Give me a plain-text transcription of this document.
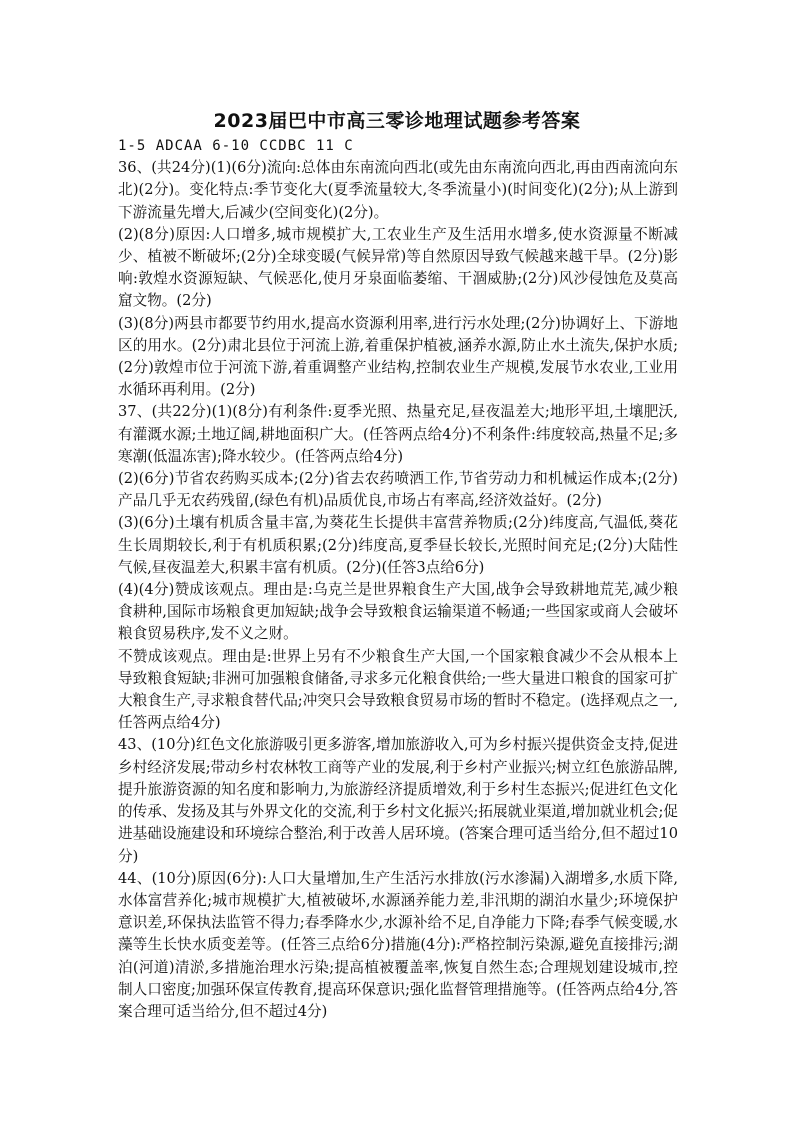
2023届巴中市高三零诊地理试题参考答案

1-5 ADCAA 6-10 CCDBC 11 C

36、(共24分)(1)(6分)流向:总体由东南流向西北(或先由东南流向西北,再由西南流向东北)(2分)。变化特点:季节变化大(夏季流量较大,冬季流量小)(时间变化)(2分);从上游到下游流量先增大,后减少(空间变化)(2分)。

(2)(8分)原因:人口增多,城市规模扩大,工农业生产及生活用水增多,使水资源量不断减少、植被不断破坏;(2分)全球变暖(气候异常)等自然原因导致气候越来越干旱。(2分)影响:敦煌水资源短缺、气候恶化,使月牙泉面临萎缩、干涸威胁;(2分)风沙侵蚀危及莫高窟文物。(2分)

(3)(8分)两县市都要节约用水,提高水资源利用率,进行污水处理;(2分)协调好上、下游地区的用水。(2分)肃北县位于河流上游,着重保护植被,涵养水源,防止水土流失,保护水质;(2分)敦煌市位于河流下游,着重调整产业结构,控制农业生产规模,发展节水农业,工业用水循环再利用。(2分)

37、(共22分)(1)(8分)有利条件:夏季光照、热量充足,昼夜温差大;地形平坦,土壤肥沃,有灌溉水源;土地辽阔,耕地面积广大。(任答两点给4分)不利条件:纬度较高,热量不足;多寒潮(低温冻害);降水较少。(任答两点给4分)

(2)(6分)节省农药购买成本;(2分)省去农药喷洒工作,节省劳动力和机械运作成本;(2分)产品几乎无农药残留,(绿色有机)品质优良,市场占有率高,经济效益好。(2分)

(3)(6分)土壤有机质含量丰富,为葵花生长提供丰富营养物质;(2分)纬度高,气温低,葵花生长周期较长,利于有机质积累;(2分)纬度高,夏季昼长较长,光照时间充足;(2分)大陆性气候,昼夜温差大,积累丰富有机质。(2分)(任答3点给6分)

(4)(4分)赞成该观点。理由是:乌克兰是世界粮食生产大国,战争会导致耕地荒芜,减少粮食耕种,国际市场粮食更加短缺;战争会导致粮食运输渠道不畅通;一些国家或商人会破坏粮食贸易秩序,发不义之财。

不赞成该观点。理由是:世界上另有不少粮食生产大国,一个国家粮食减少不会从根本上导致粮食短缺;非洲可加强粮食储备,寻求多元化粮食供给;一些大量进口粮食的国家可扩大粮食生产,寻求粮食替代品;冲突只会导致粮食贸易市场的暂时不稳定。(选择观点之一,任答两点给4分)

43、(10分)红色文化旅游吸引更多游客,增加旅游收入,可为乡村振兴提供资金支持,促进乡村经济发展;带动乡村农林牧工商等产业的发展,利于乡村产业振兴;树立红色旅游品牌,提升旅游资源的知名度和影响力,为旅游经济提质增效,利于乡村生态振兴;促进红色文化的传承、发扬及其与外界文化的交流,利于乡村文化振兴;拓展就业渠道,增加就业机会;促进基础设施建设和环境综合整治,利于改善人居环境。(答案合理可适当给分,但不超过10分)

44、(10分)原因(6分):人口大量增加,生产生活污水排放(污水渗漏)入湖增多,水质下降,水体富营养化;城市规模扩大,植被破坏,水源涵养能力差,非汛期的湖泊水量少;环境保护意识差,环保执法监管不得力;春季降水少,水源补给不足,自净能力下降;春季气候变暖,水藻等生长快水质变差等。(任答三点给6分)措施(4分):严格控制污染源,避免直接排污;湖泊(河道)清淤,多措施治理水污染;提高植被覆盖率,恢复自然生态;合理规划建设城市,控制人口密度;加强环保宣传教育,提高环保意识;强化监督管理措施等。(任答两点给4分,答案合理可适当给分,但不超过4分)
